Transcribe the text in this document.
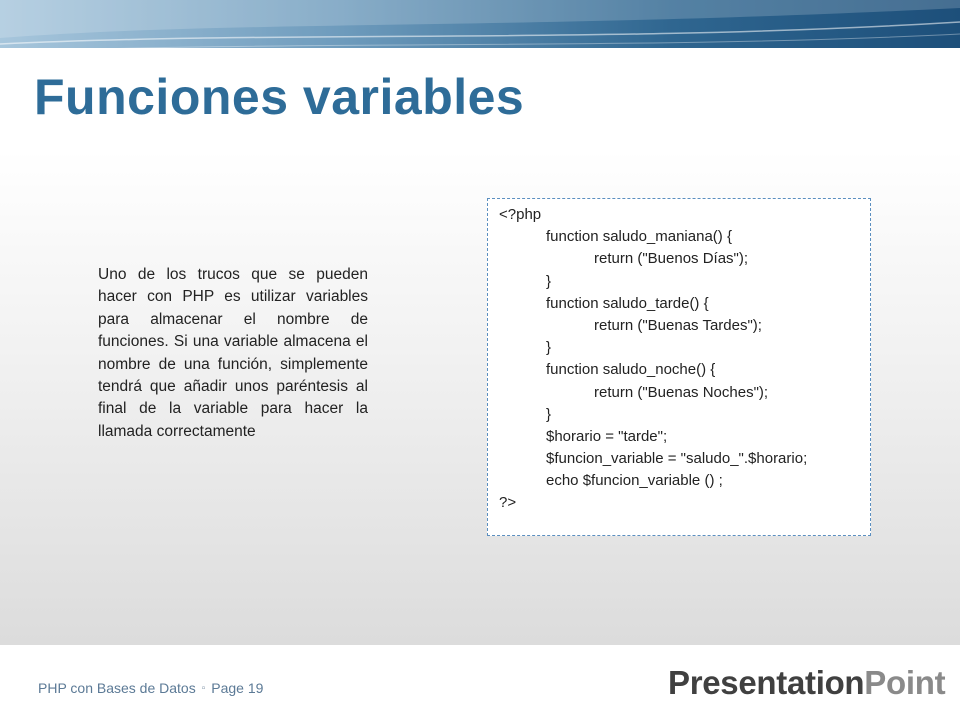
Funciones variables

Uno de los trucos que se pueden hacer con PHP es utilizar variables para almacenar el nombre de funciones. Si una variable almacena el nombre de una función, simplemente tendrá que añadir unos paréntesis al final de la variable para hacer la llamada correctamente

<?php
function saludo_maniana() {
return ("Buenos Días");
}
function saludo_tarde() {
return ("Buenas Tardes");
}
function saludo_noche() {
return ("Buenas Noches");
}
$horario = "tarde";
$funcion_variable = "saludo_".$horario;
echo $funcion_variable () ;
?>
PHP con Bases de Datos ▫ Page 19	PresentationPoint
